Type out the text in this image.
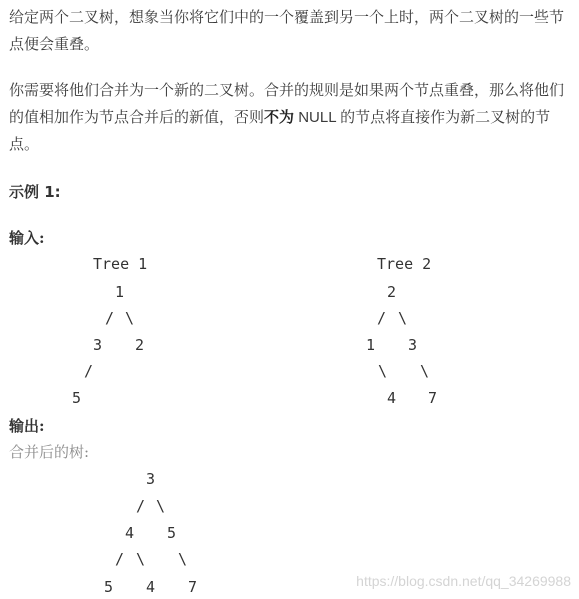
给定两个二叉树，想象当你将它们中的一个覆盖到另一个上时，两个二叉树的一些节点便会重叠。

你需要将他们合并为一个新的二叉树。合并的规则是如果两个节点重叠，那么将他们的值相加作为节点合并后的新值，否则不为 NULL 的节点将直接作为新二叉树的节点。

示例 1:

输入:

Tree 1
1
/ \
3 2
/
5
Tree 2
2
/ \
1 3
\ \
4 7

输出:

合并后的树:

3
/ \
4 5
/ \ \
5 4 7	https://blog.csdn.net/qq_34269988
